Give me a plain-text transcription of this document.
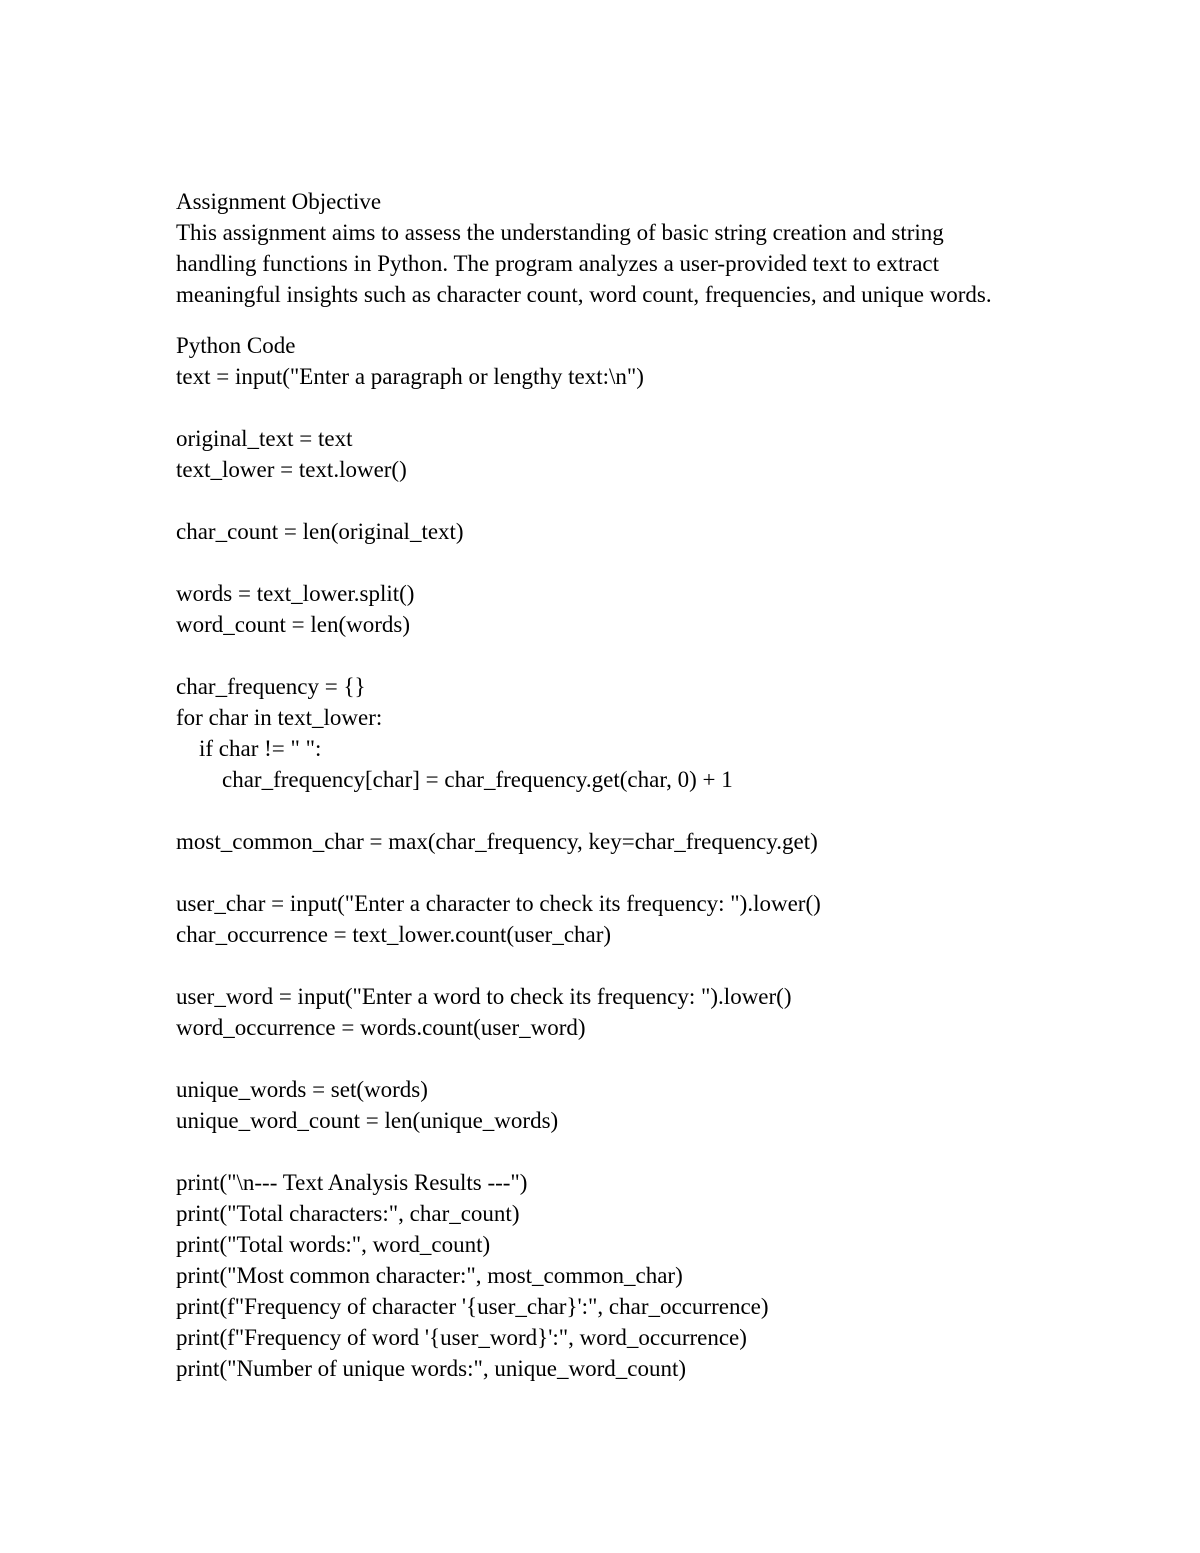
Assignment Objective
This assignment aims to assess the understanding of basic string creation and string
handling functions in Python. The program analyzes a user-provided text to extract
meaningful insights such as character count, word count, frequencies, and unique words.
Python Code
text = input("Enter a paragraph or lengthy text:\n")
original_text = text
text_lower = text.lower()
char_count = len(original_text)
words = text_lower.split()
word_count = len(words)
char_frequency = {}
for char in text_lower:
if char != " ":
char_frequency[char] = char_frequency.get(char, 0) + 1
most_common_char = max(char_frequency, key=char_frequency.get)
user_char = input("Enter a character to check its frequency: ").lower()
char_occurrence = text_lower.count(user_char)
user_word = input("Enter a word to check its frequency: ").lower()
word_occurrence = words.count(user_word)
unique_words = set(words)
unique_word_count = len(unique_words)
print("\n--- Text Analysis Results ---")
print("Total characters:", char_count)
print("Total words:", word_count)
print("Most common character:", most_common_char)
print(f"Frequency of character '{user_char}':", char_occurrence)
print(f"Frequency of word '{user_word}':", word_occurrence)
print("Number of unique words:", unique_word_count)
